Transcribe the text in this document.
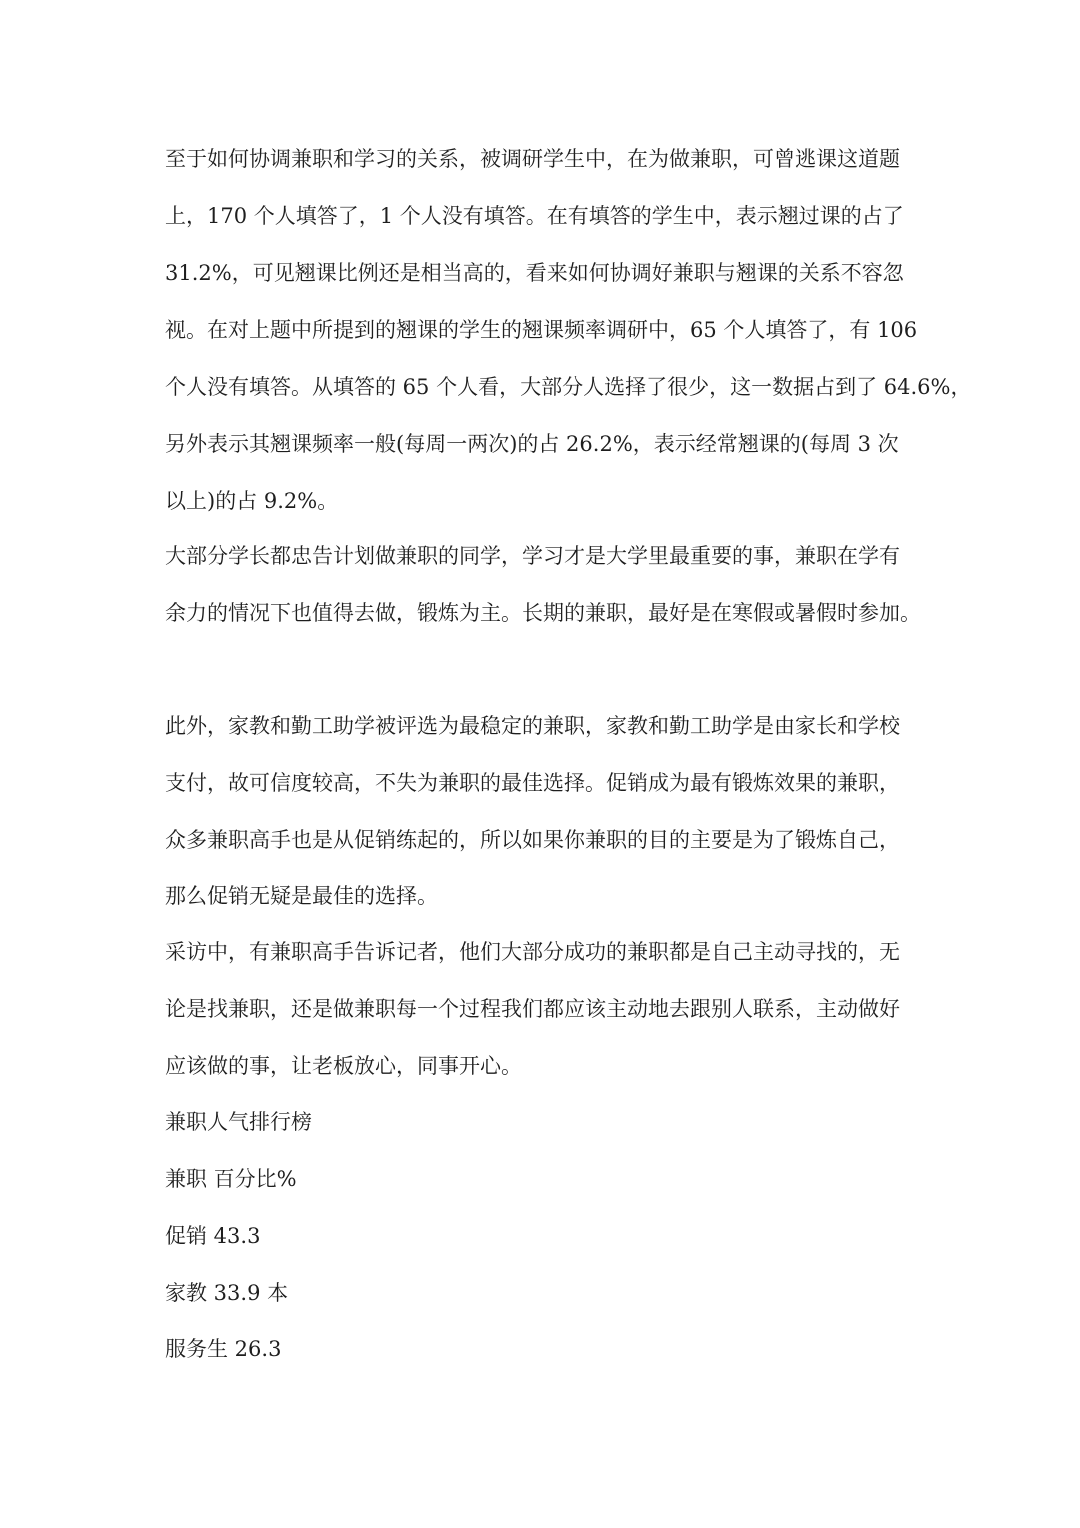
至于如何协调兼职和学习的关系，被调研学生中，在为做兼职，可曾逃课这道题

上，170 个人填答了，1 个人没有填答。在有填答的学生中，表示翘过课的占了

31.2%，可见翘课比例还是相当高的，看来如何协调好兼职与翘课的关系不容忽

视。在对上题中所提到的翘课的学生的翘课频率调研中，65 个人填答了，有 106

个人没有填答。从填答的 65 个人看，大部分人选择了很少，这一数据占到了 64.6%，

另外表示其翘课频率一般(每周一两次)的占 26.2%，表示经常翘课的(每周 3 次

以上)的占 9.2%。

大部分学长都忠告计划做兼职的同学，学习才是大学里最重要的事，兼职在学有

余力的情况下也值得去做，锻炼为主。长期的兼职，最好是在寒假或暑假时参加。

此外，家教和勤工助学被评选为最稳定的兼职，家教和勤工助学是由家长和学校

支付，故可信度较高，不失为兼职的最佳选择。促销成为最有锻炼效果的兼职，

众多兼职高手也是从促销练起的，所以如果你兼职的目的主要是为了锻炼自己，

那么促销无疑是最佳的选择。

采访中，有兼职高手告诉记者，他们大部分成功的兼职都是自己主动寻找的，无

论是找兼职，还是做兼职每一个过程我们都应该主动地去跟别人联系，主动做好

应该做的事，让老板放心，同事开心。

兼职人气排行榜

兼职 百分比%

促销 43.3

家教 33.9 本

服务生 26.3
